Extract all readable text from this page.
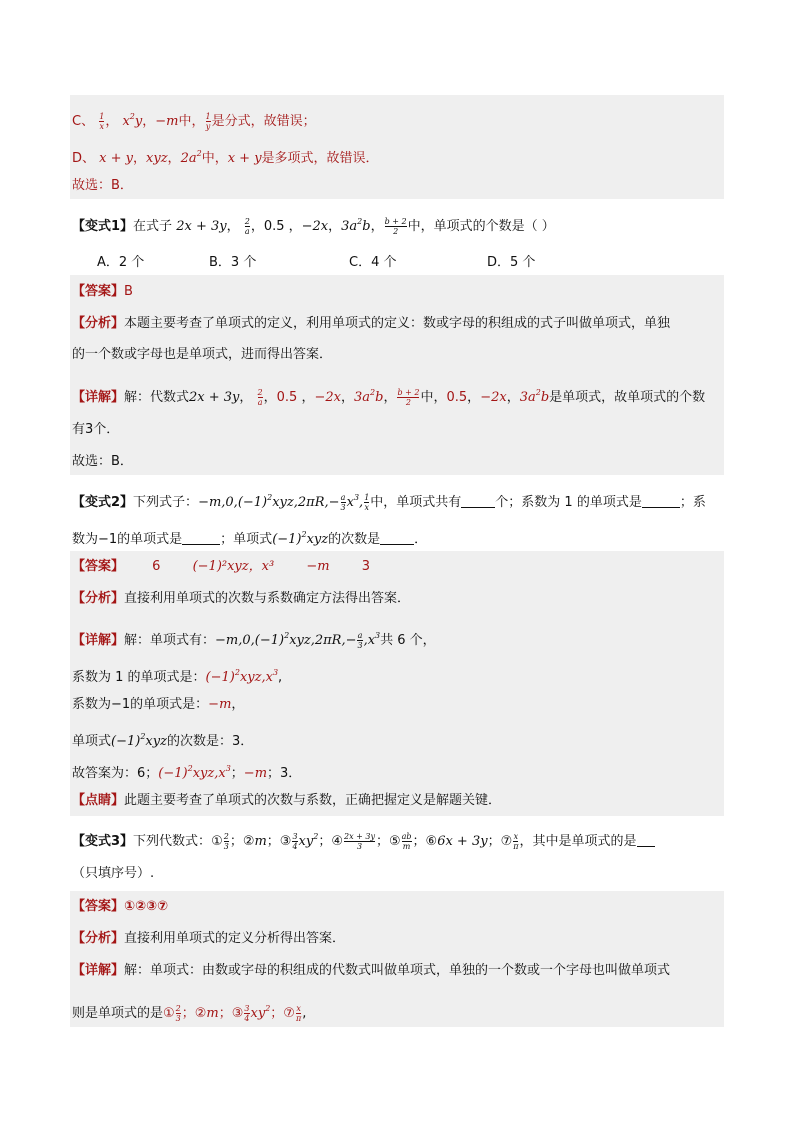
C、 $\frac{1}{x}$ ， $x^2y$，−m中， $\frac{1}{y}$ 是分式，故错误；
D、 x + y，xyz，$2a^2$中，x + y是多项式，故错误．
故选：B．
【变式1】在式子 2x + 3y， $\frac{2}{a}$ ，0.5 ，−2x，$3a^2b$， $\frac{b + 2}{2}$ 中，单项式的个数是（ ）
A．2 个	B．3 个	C．4 个	D．5 个
【答案】B
【分析】本题主要考查了单项式的定义，利用单项式的定义：数或字母的积组成的式子叫做单项式，单独
的一个数或字母也是单项式，进而得出答案．
【详解】解：代数式2x + 3y， $\frac{2}{a}$ ，0.5 ，−2x，$3a^2b$， $\frac{b + 2}{2}$ 中，0.5，−2x，$3a^2b$是单项式，故单项式的个数
有3个．
故选：B．
【变式2】下列式子：$-m,0,(-1)^2xyz,2\pi R,- \frac{a}{3} x^3$, $\frac{1}{x}$ 中，单项式共有	个；系数为 1 的单项式是	；系
数为−1的单项式是	；单项式$(-1)^2xyz$的次数是	．
【答案】 6 (−1)²xyz，x³ −m 3
【分析】直接利用单项式的次数与系数确定方法得出答案．
【详解】解：单项式有：$-m,0,(-1)^2xyz,2\pi R,- \frac{a}{3} ,x^3$共 6 个，
系数为 1 的单项式是：$(-1)^2xyz,x^3$,
系数为−1的单项式是：−m，
单项式$(-1)^2xyz$的次数是：3．
故答案为：6；$(-1)^2xyz,x^3$；−m；3．
【点睛】此题主要考查了单项式的次数与系数，正确把握定义是解题关键．
【变式3】下列代数式：① $\frac{2}{3}$ ；②m；③ $\frac{3}{4} xy^2$；④ $\frac{2x + 3y}{3}$ ；⑤ $\frac{ab}{m}$ ；⑥6x + 3y；⑦ $\frac{x}{\pi}$ ，其中是单项式的是
（只填序号）.
【答案】①②③⑦
【分析】直接利用单项式的定义分析得出答案．
【详解】解：单项式：由数或字母的积组成的代数式叫做单项式，单独的一个数或一个字母也叫做单项式
则是单项式的是① $\frac{2}{3}$ ；②m；③ $\frac{3}{4} xy^2$；⑦ $\frac{x}{\pi}$ ,
